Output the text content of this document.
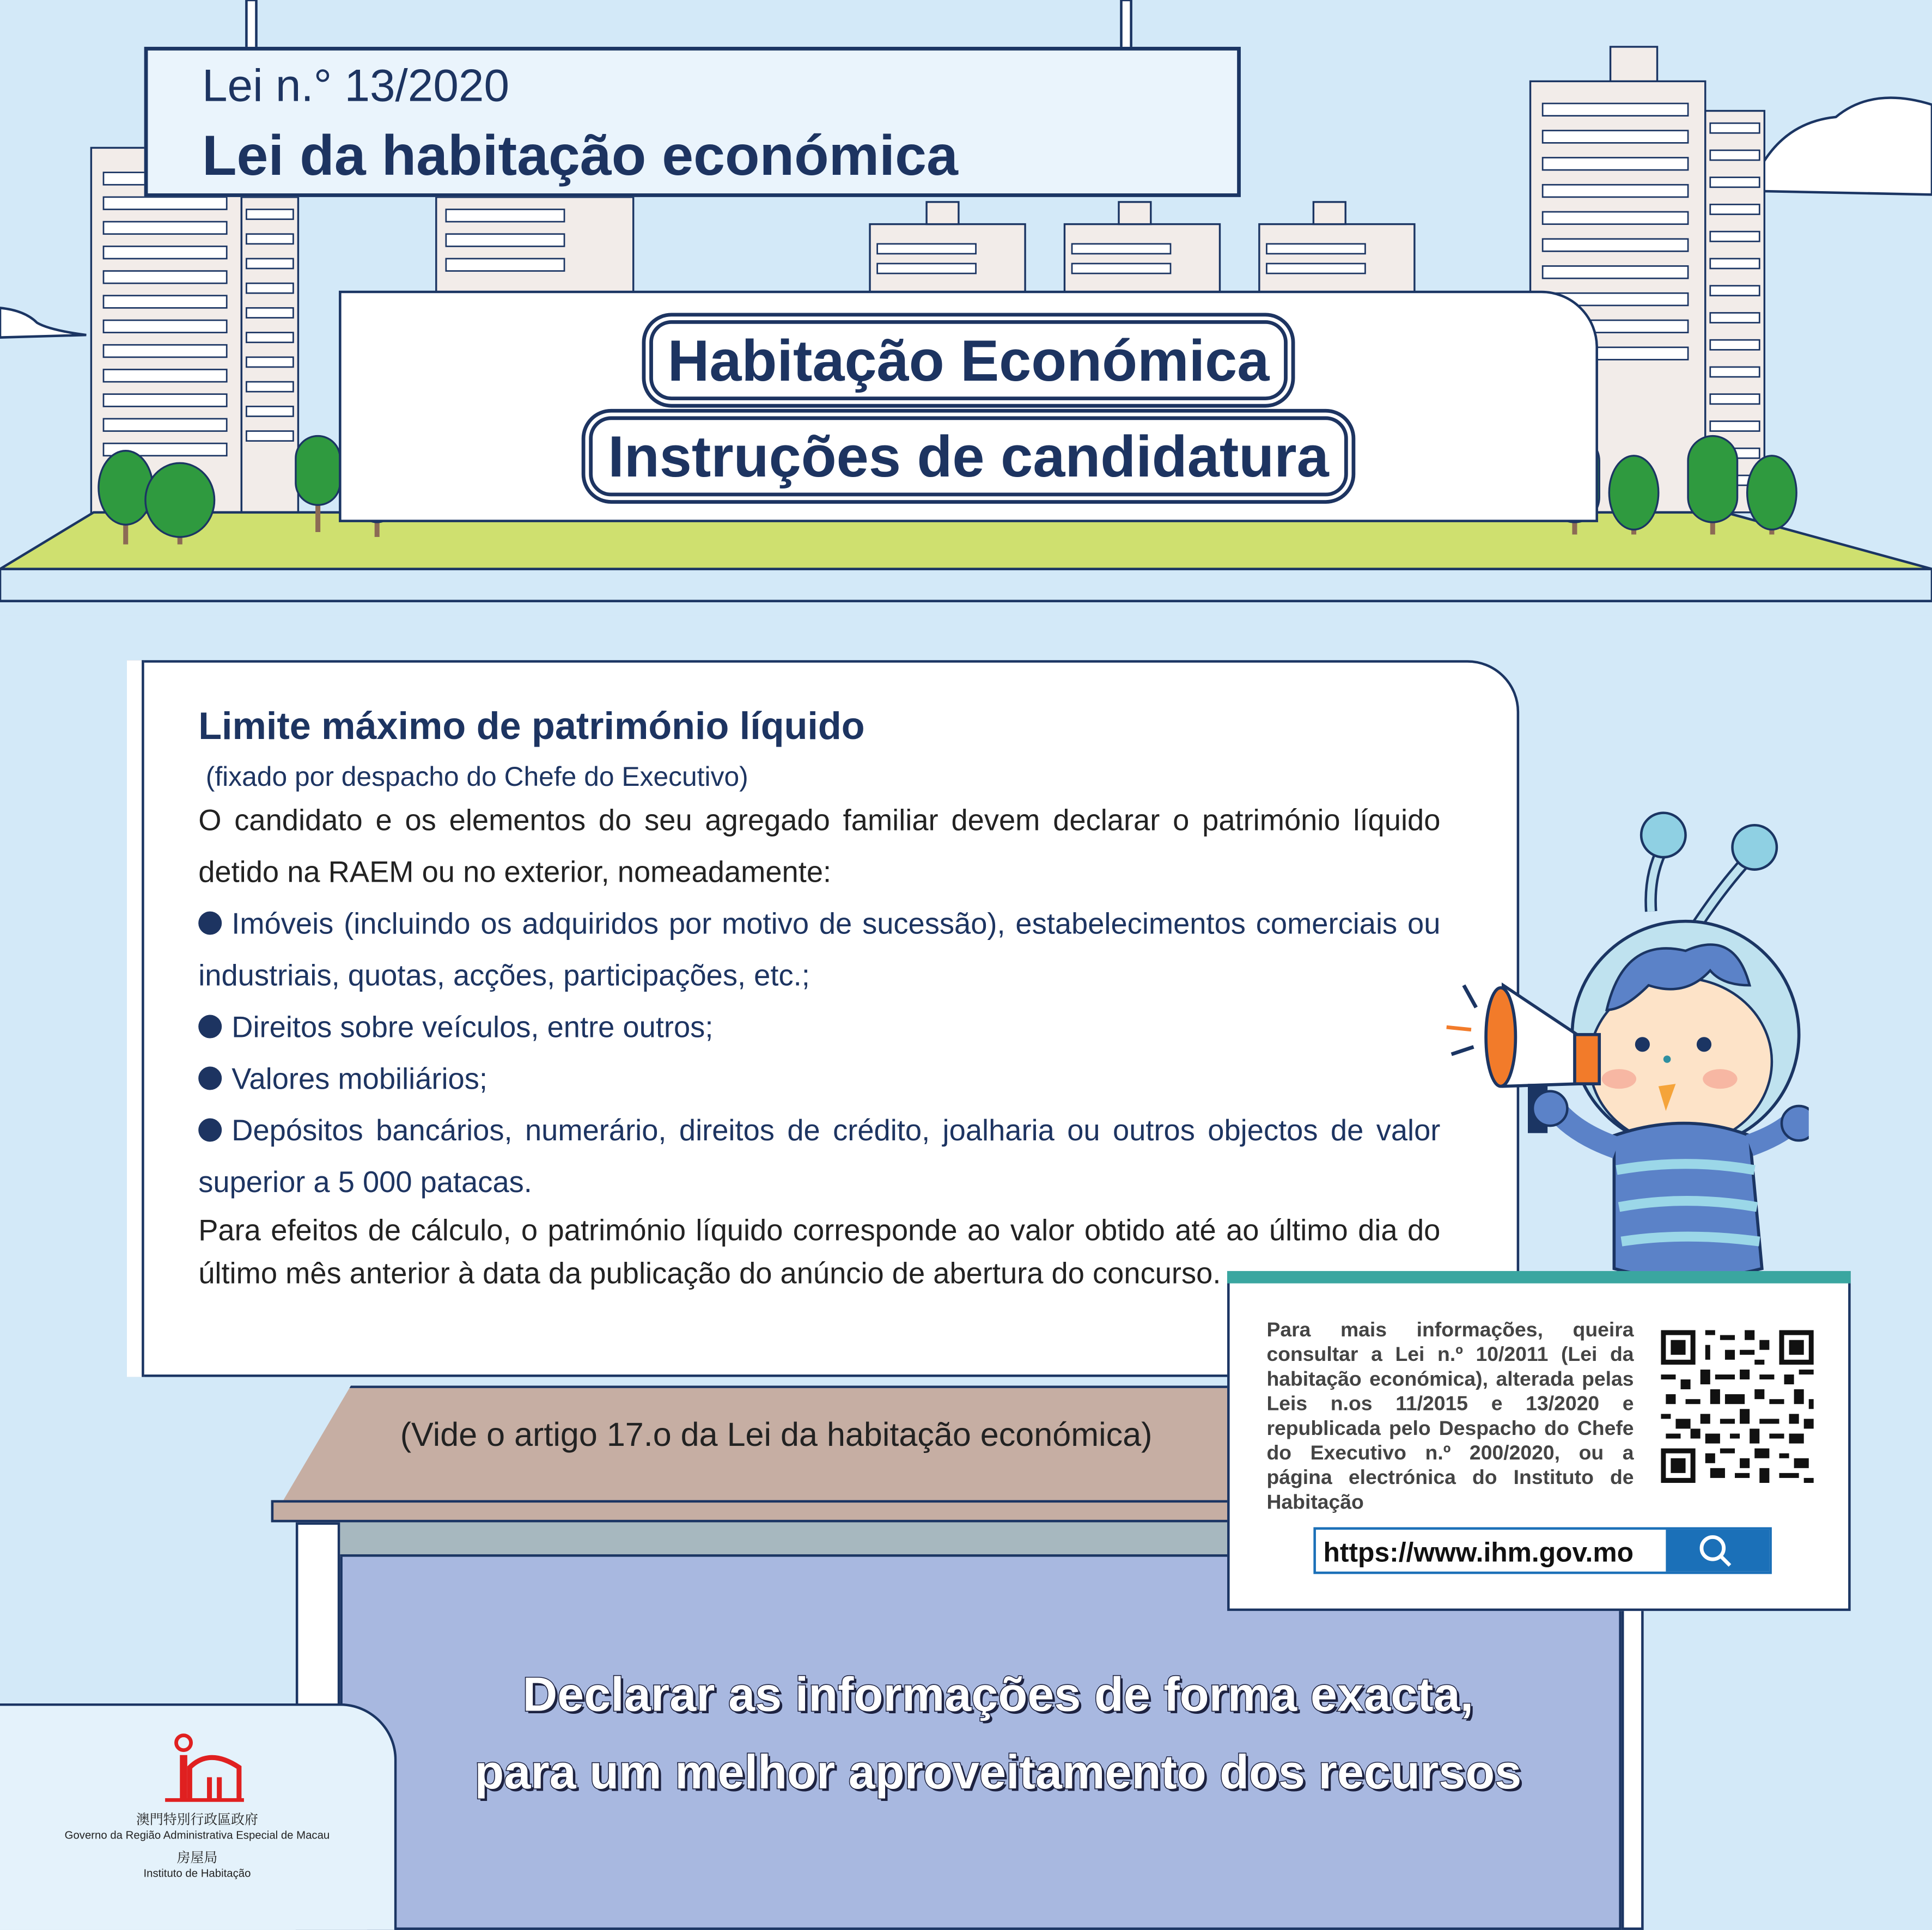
Lei n.° 13/2020
Lei da habitação económica
Habitação Económica
Instruções de candidatura
Limite máximo de património líquido
(fixado por despacho do Chefe do Executivo)

O candidato e os elementos do seu agregado familiar devem declarar o património líquido detido na RAEM ou no exterior, nomeadamente:

Imóveis (incluindo os adquiridos por motivo de sucessão), estabelecimentos comerciais ou industriais, quotas, acções, participações, etc.;

Direitos sobre veículos, entre outros;

Valores mobiliários;

Depósitos bancários, numerário, direitos de crédito, joalharia ou outros objectos de valor superior a 5 000 patacas.

Para efeitos de cálculo, o património líquido corresponde ao valor obtido até ao último dia do último mês anterior à data da publicação do anúncio de abertura do concurso.

(Vide o artigo 17.o da Lei da habitação económica)
Declarar as informações de forma exacta,
para um melhor aproveitamento dos recursos
Para mais informações, queira consultar a Lei n.º 10/2011 (Lei da habitação económica), alterada pelas Leis n.os 11/2015 e 13/2020 e republicada pelo Despacho do Chefe do Executivo n.º 200/2020, ou a página electrónica do Instituto de Habitação
https://www.ihm.gov.mo
澳門特別行政區政府
Governo da Região Administrativa Especial de Macau
房屋局
Instituto de Habitação
